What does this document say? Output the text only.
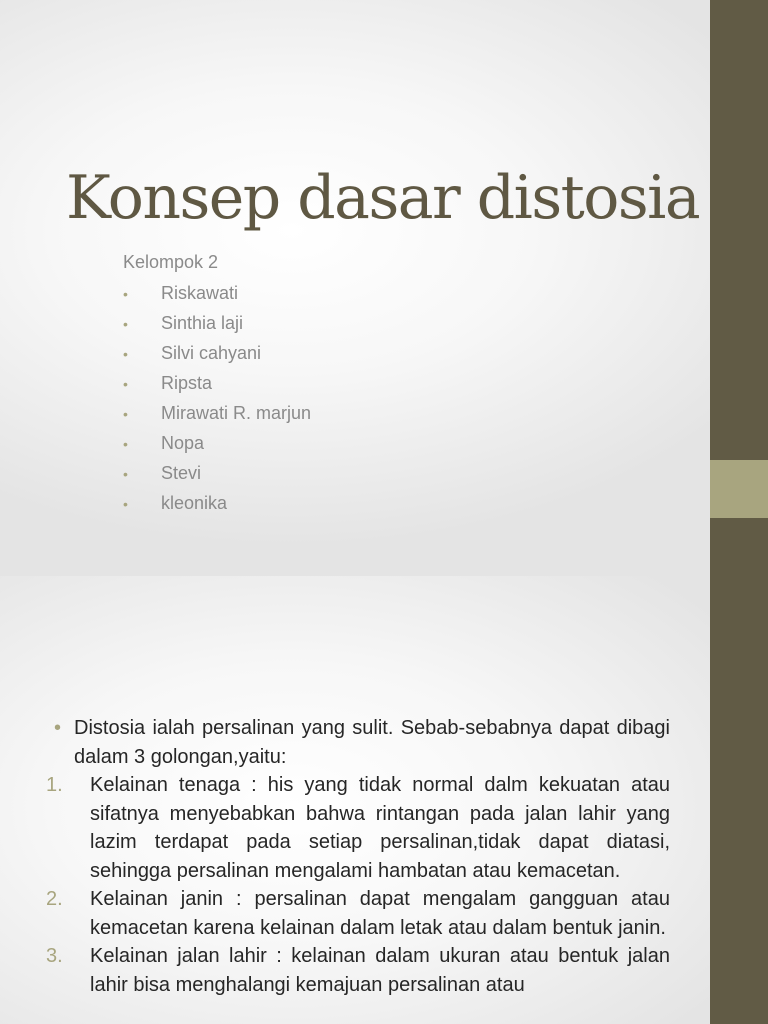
Konsep dasar distosia
Kelompok 2
• Riskawati
• Sinthia laji
• Silvi cahyani
• Ripsta
• Mirawati R. marjun
• Nopa
• Stevi
• kleonika
• Distosia ialah persalinan yang sulit. Sebab-sebabnya dapat dibagi dalam 3 golongan,yaitu:
1.	Kelainan tenaga : his yang tidak normal dalm kekuatan atau sifatnya menyebabkan bahwa rintangan pada jalan lahir yang lazim terdapat pada setiap persalinan,tidak dapat diatasi, sehingga persalinan mengalami hambatan atau kemacetan.
2.	Kelainan janin : persalinan dapat mengalam gangguan atau kemacetan karena kelainan dalam letak atau dalam bentuk janin.
3.	Kelainan jalan lahir : kelainan dalam ukuran atau bentuk jalan lahir bisa menghalangi kemajuan persalinan atau
